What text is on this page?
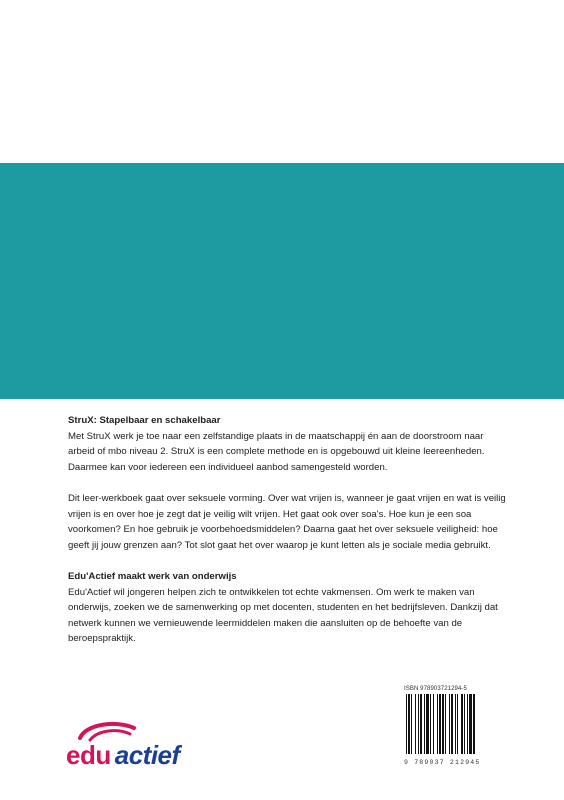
StruX: Stapelbaar en schakelbaar

Met StruX werk je toe naar een zelfstandige plaats in de maatschappij én aan de doorstroom naar arbeid of mbo niveau 2. StruX is een complete methode en is opgebouwd uit kleine leereenheden. Daarmee kan voor iedereen een individueel aanbod samengesteld worden.

Dit leer-werkboek gaat over seksuele vorming. Over wat vrijen is, wanneer je gaat vrijen en wat is veilig vrijen is en over hoe je zegt dat je veilig wilt vrijen. Het gaat ook over soa's. Hoe kun je een soa voorkomen? En hoe gebruik je voorbehoedsmiddelen? Daarna gaat het over seksuele veiligheid: hoe geeft jij jouw grenzen aan? Tot slot gaat het over waarop je kunt letten als je sociale media gebruikt.

Edu'Actief maakt werk van onderwijs

Edu'Actief wil jongeren helpen zich te ontwikkelen tot echte vakmensen. Om werk te maken van onderwijs, zoeken we de samenwerking op met docenten, studenten en het bedrijfsleven. Dankzij dat netwerk kunnen we vernieuwende leermiddelen maken die aansluiten op de behoefte van de beroepspraktijk.

edu actief
ISBN 978903721294-5
9 789037 212945
